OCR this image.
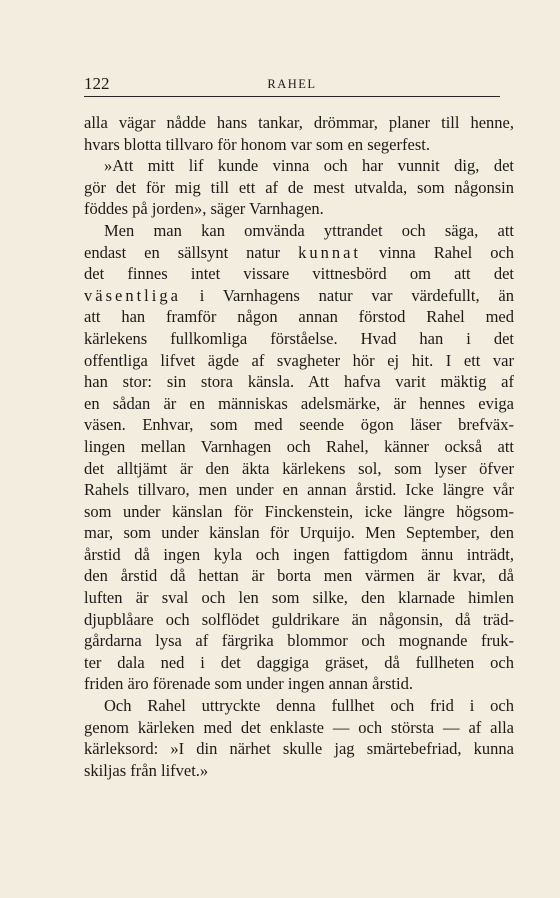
122	RAHEL
alla vägar nådde hans tankar, drömmar, planer till henne,
hvars blotta tillvaro för honom var som en segerfest.
»Att mitt lif kunde vinna och har vunnit dig, det
gör det för mig till ett af de mest utvalda, som någonsin
föddes på jorden», säger Varnhagen.
Men man kan omvända yttrandet och säga, att
endast en sällsynt natur kunnat vinna Rahel och
det finnes intet vissare vittnesbörd om att det
väsentliga i Varnhagens natur var värdefullt, än
att han framför någon annan förstod Rahel med
kärlekens fullkomliga förståelse. Hvad han i det
offentliga lifvet ägde af svagheter hör ej hit. I ett var
han stor: sin stora känsla. Att hafva varit mäktig af
en sådan är en människas adelsmärke, är hennes eviga
väsen. Enhvar, som med seende ögon läser brefväx-
lingen mellan Varnhagen och Rahel, känner också att
det alltjämt är den äkta kärlekens sol, som lyser öfver
Rahels tillvaro, men under en annan årstid. Icke längre vår
som under känslan för Finckenstein, icke längre högsom-
mar, som under känslan för Urquijo. Men September, den
årstid då ingen kyla och ingen fattigdom ännu inträdt,
den årstid då hettan är borta men värmen är kvar, då
luften är sval och len som silke, den klarnade himlen
djupblåare och solflödet guldrikare än någonsin, då träd-
gårdarna lysa af färgrika blommor och mognande fruk-
ter dala ned i det daggiga gräset, då fullheten och
friden äro förenade som under ingen annan årstid.
Och Rahel uttryckte denna fullhet och frid i och
genom kärleken med det enklaste — och största — af alla
kärleksord: »I din närhet skulle jag smärtebefriad, kunna
skiljas från lifvet.»
